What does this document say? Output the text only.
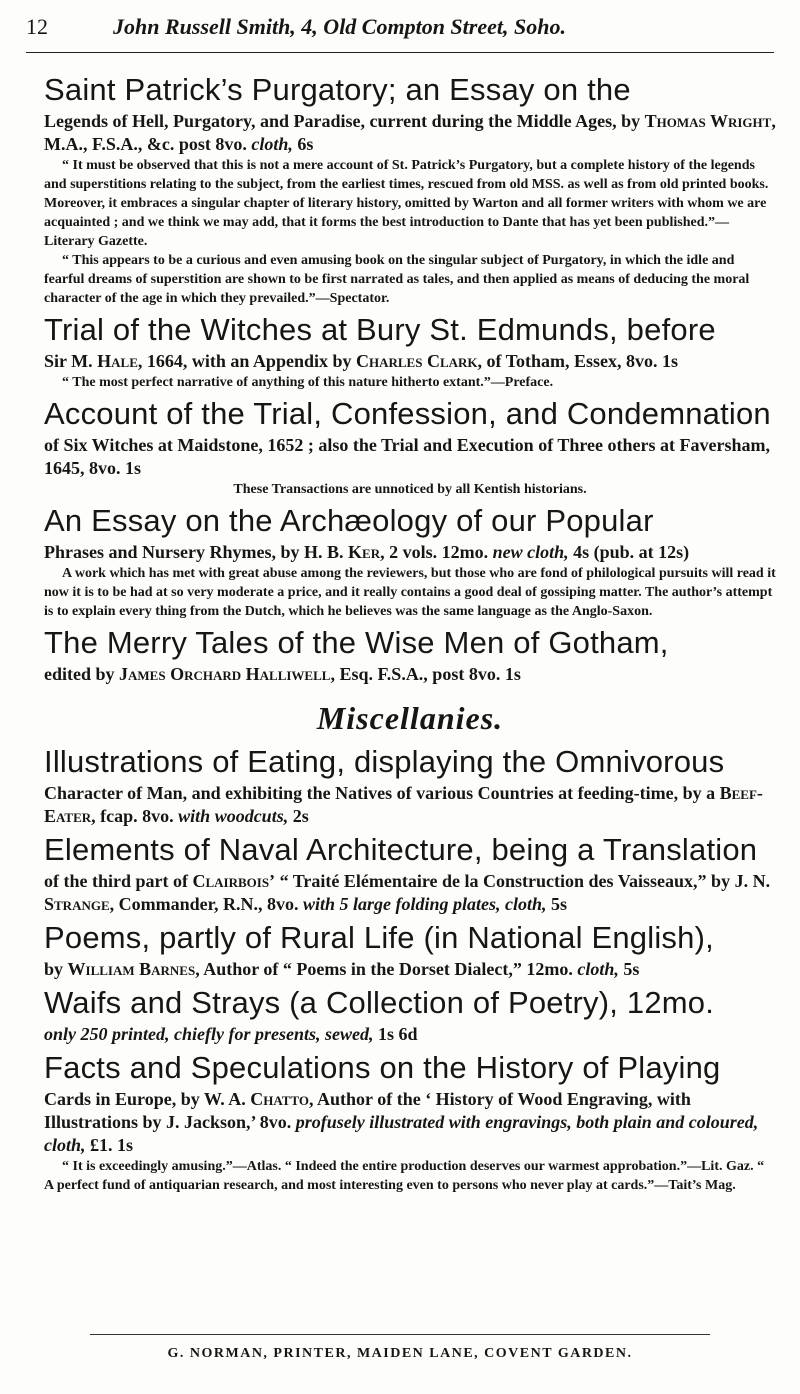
12	John Russell Smith, 4, Old Compton Street, Soho.
Saint Patrick’s Purgatory; an Essay on the
Legends of Hell, Purgatory, and Paradise, current during the Middle Ages, by Thomas Wright, M.A., F.S.A., &c. post 8vo. cloth, 6s
“ It must be observed that this is not a mere account of St. Patrick’s Purgatory, but a complete history of the legends and superstitions relating to the subject, from the earliest times, rescued from old MSS. as well as from old printed books. Moreover, it embraces a singular chapter of literary history, omitted by Warton and all former writers with whom we are acquainted ; and we think we may add, that it forms the best introduction to Dante that has yet been published.”—Literary Gazette.
“ This appears to be a curious and even amusing book on the singular subject of Purgatory, in which the idle and fearful dreams of superstition are shown to be first narrated as tales, and then applied as means of deducing the moral character of the age in which they prevailed.”—Spectator.
Trial of the Witches at Bury St. Edmunds, before
Sir M. Hale, 1664, with an Appendix by Charles Clark, of Totham, Essex, 8vo. 1s
“ The most perfect narrative of anything of this nature hitherto extant.”—Preface.
Account of the Trial, Confession, and Condemnation
of Six Witches at Maidstone, 1652 ; also the Trial and Execution of Three others at Faversham, 1645, 8vo. 1s
These Transactions are unnoticed by all Kentish historians.
An Essay on the Archæology of our Popular
Phrases and Nursery Rhymes, by H. B. Ker, 2 vols. 12mo. new cloth, 4s (pub. at 12s)
A work which has met with great abuse among the reviewers, but those who are fond of philological pursuits will read it now it is to be had at so very moderate a price, and it really contains a good deal of gossiping matter. The author’s attempt is to explain every thing from the Dutch, which he believes was the same language as the Anglo-Saxon.
The Merry Tales of the Wise Men of Gotham,
edited by James Orchard Halliwell, Esq. F.S.A., post 8vo. 1s
Miscellanies.
Illustrations of Eating, displaying the Omnivorous
Character of Man, and exhibiting the Natives of various Countries at feeding-time, by a Beef-Eater, fcap. 8vo. with woodcuts, 2s
Elements of Naval Architecture, being a Translation
of the third part of Clairbois’ “ Traité Elémentaire de la Construction des Vaisseaux,” by J. N. Strange, Commander, R.N., 8vo. with 5 large folding plates, cloth, 5s
Poems, partly of Rural Life (in National English),
by William Barnes, Author of “ Poems in the Dorset Dialect,” 12mo. cloth, 5s
Waifs and Strays (a Collection of Poetry), 12mo.
only 250 printed, chiefly for presents, sewed, 1s 6d
Facts and Speculations on the History of Playing
Cards in Europe, by W. A. Chatto, Author of the ‘ History of Wood Engraving, with Illustrations by J. Jackson,’ 8vo. profusely illustrated with engravings, both plain and coloured, cloth, £1. 1s
“ It is exceedingly amusing.”—Atlas. “ Indeed the entire production deserves our warmest approbation.”—Lit. Gaz. “ A perfect fund of antiquarian research, and most interesting even to persons who never play at cards.”—Tait’s Mag.
G. NORMAN, PRINTER, MAIDEN LANE, COVENT GARDEN.
